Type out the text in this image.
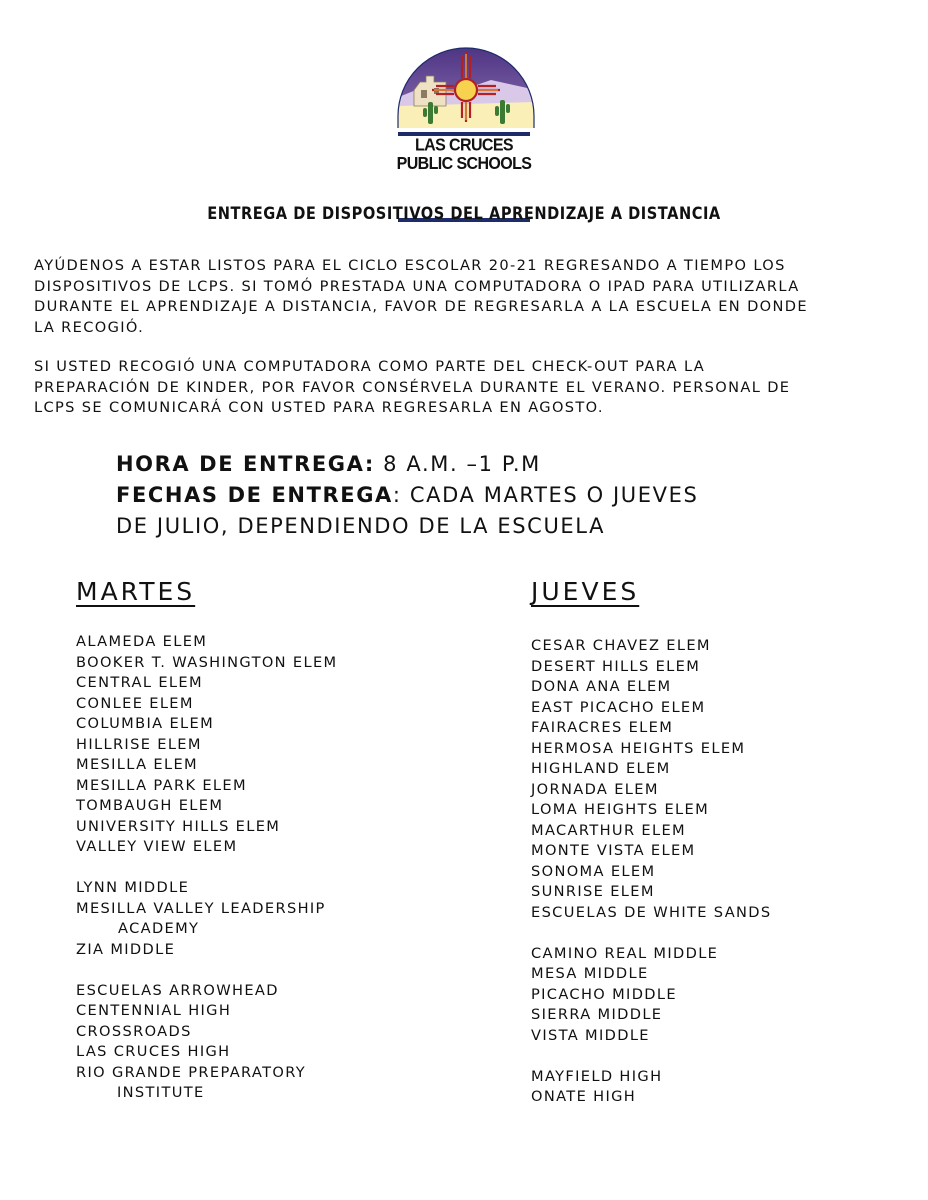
LAS CRUCES
PUBLIC SCHOOLS
ENTREGA DE DISPOSITIVOS DEL APRENDIZAJE A DISTANCIA
AYÚDENOS A ESTAR LISTOS PARA EL CICLO ESCOLAR 20-21 REGRESANDO A TIEMPO LOS
DISPOSITIVOS DE LCPS. SI TOMÓ PRESTADA UNA COMPUTADORA O IPAD PARA UTILIZARLA
DURANTE EL APRENDIZAJE A DISTANCIA, FAVOR DE REGRESARLA A LA ESCUELA EN DONDE
LA RECOGIÓ.
SI USTED RECOGIÓ UNA COMPUTADORA COMO PARTE DEL CHECK-OUT PARA LA
PREPARACIÓN DE KINDER, POR FAVOR CONSÉRVELA DURANTE EL VERANO. PERSONAL DE
LCPS SE COMUNICARÁ CON USTED PARA REGRESARLA EN AGOSTO.
HORA DE ENTREGA: 8 A.M. –1 P.M
FECHAS DE ENTREGA: CADA MARTES O JUEVES
DE JULIO, DEPENDIENDO DE LA ESCUELA
MARTES
ALAMEDA ELEM
BOOKER T. WASHINGTON ELEM
CENTRAL ELEM
CONLEE ELEM
COLUMBIA ELEM
HILLRISE ELEM
MESILLA ELEM
MESILLA PARK ELEM
TOMBAUGH ELEM
UNIVERSITY HILLS ELEM
VALLEY VIEW ELEM
LYNN MIDDLE
MESILLA VALLEY LEADERSHIP
ACADEMY
ZIA MIDDLE
ESCUELAS ARROWHEAD
CENTENNIAL HIGH
CROSSROADS
LAS CRUCES HIGH
RIO GRANDE PREPARATORY
INSTITUTE
JUEVES
CESAR CHAVEZ ELEM
DESERT HILLS ELEM
DONA ANA ELEM
EAST PICACHO ELEM
FAIRACRES ELEM
HERMOSA HEIGHTS ELEM
HIGHLAND ELEM
JORNADA ELEM
LOMA HEIGHTS ELEM
MACARTHUR ELEM
MONTE VISTA ELEM
SONOMA ELEM
SUNRISE ELEM
ESCUELAS DE WHITE SANDS
CAMINO REAL MIDDLE
MESA MIDDLE
PICACHO MIDDLE
SIERRA MIDDLE
VISTA MIDDLE
MAYFIELD HIGH
ONATE HIGH
